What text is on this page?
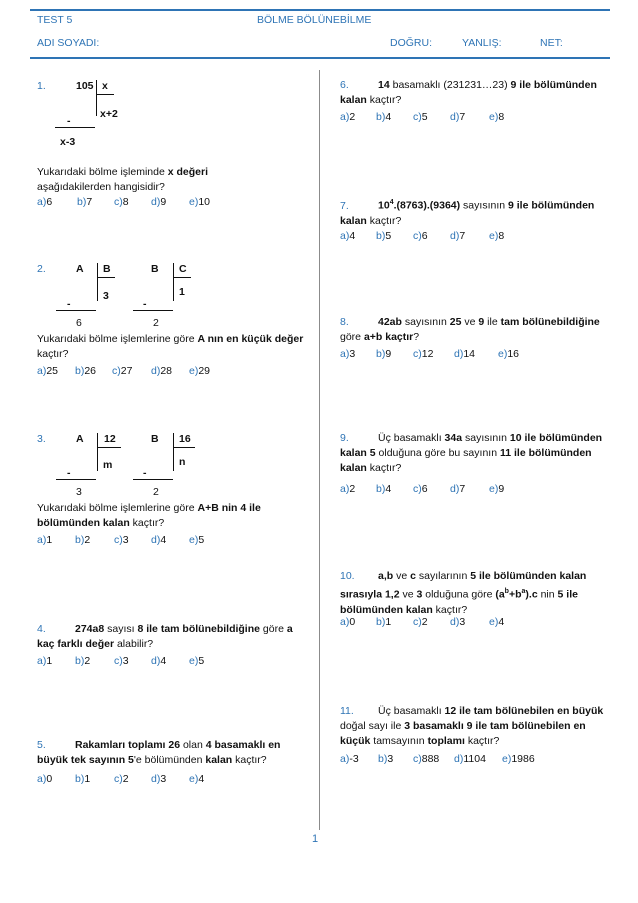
TEST 5	BÖLME BÖLÜNEBİLME
ADI SOYADI:	DOĞRU:	YANLIŞ:	NET:
1.	105 x
x+2
-
x-3

Yukarıdaki bölme işleminde x değeri

aşağıdakilerden hangisidir?

a)6 b)7 c)8 d)9 e)10
2.	A B
3
-
6
B C
1
-
2

Yukarıdaki bölme işlemlerine göre A nın en küçük değer kaçtır?

a)25 b)26 c)27 d)28 e)29
3.	A 12
m
-
3
B 16
n
-
2

Yukarıdaki bölme işlemlerine göre A+B nin 4 ile bölümünden kalan kaçtır?

a)1 b)2 c)3 d)4 e)5

4.	274a8 sayısı 8 ile tam bölünebildiğine göre a kaç farklı değer alabilir?

a)1 b)2 c)3 d)4 e)5

5.	Rakamları toplamı 26 olan 4 basamaklı en büyük tek sayının 5'e bölümünden kalan kaçtır?

a)0 b)1 c)2 d)3 e)4

6.	14 basamaklı (231231…23) 9 ile bölümünden kalan kaçtır?

a)2 b)4 c)5 d)7 e)8

7.	$10^4.(8763).(9364)$ sayısının 9 ile bölümünden kalan kaçtır?

a)4 b)5 c)6 d)7 e)8

8.	42ab sayısının 25 ve 9 ile tam bölünebildiğine göre a+b kaçtır?

a)3 b)9 c)12 d)14 e)16

9.	Üç basamaklı 34a sayısının 10 ile bölümünden kalan 5 olduğuna göre bu sayının 11 ile bölümünden kalan kaçtır?

a)2 b)4 c)6 d)7 e)9

10. a,b ve c sayılarının 5 ile bölümünden kalan sırasıyla 1,2 ve 3 olduğuna göre $(a^b+b^a).c$ nin 5 ile bölümünden kalan kaçtır?

a)0 b)1 c)2 d)3 e)4

11. Üç basamaklı 12 ile tam bölünebilen en büyük doğal sayı ile 3 basamaklı 9 ile tam bölünebilen en küçük tamsayının toplamı kaçtır?

a)-3 b)3 c)888 d)1104 e)1986
1
